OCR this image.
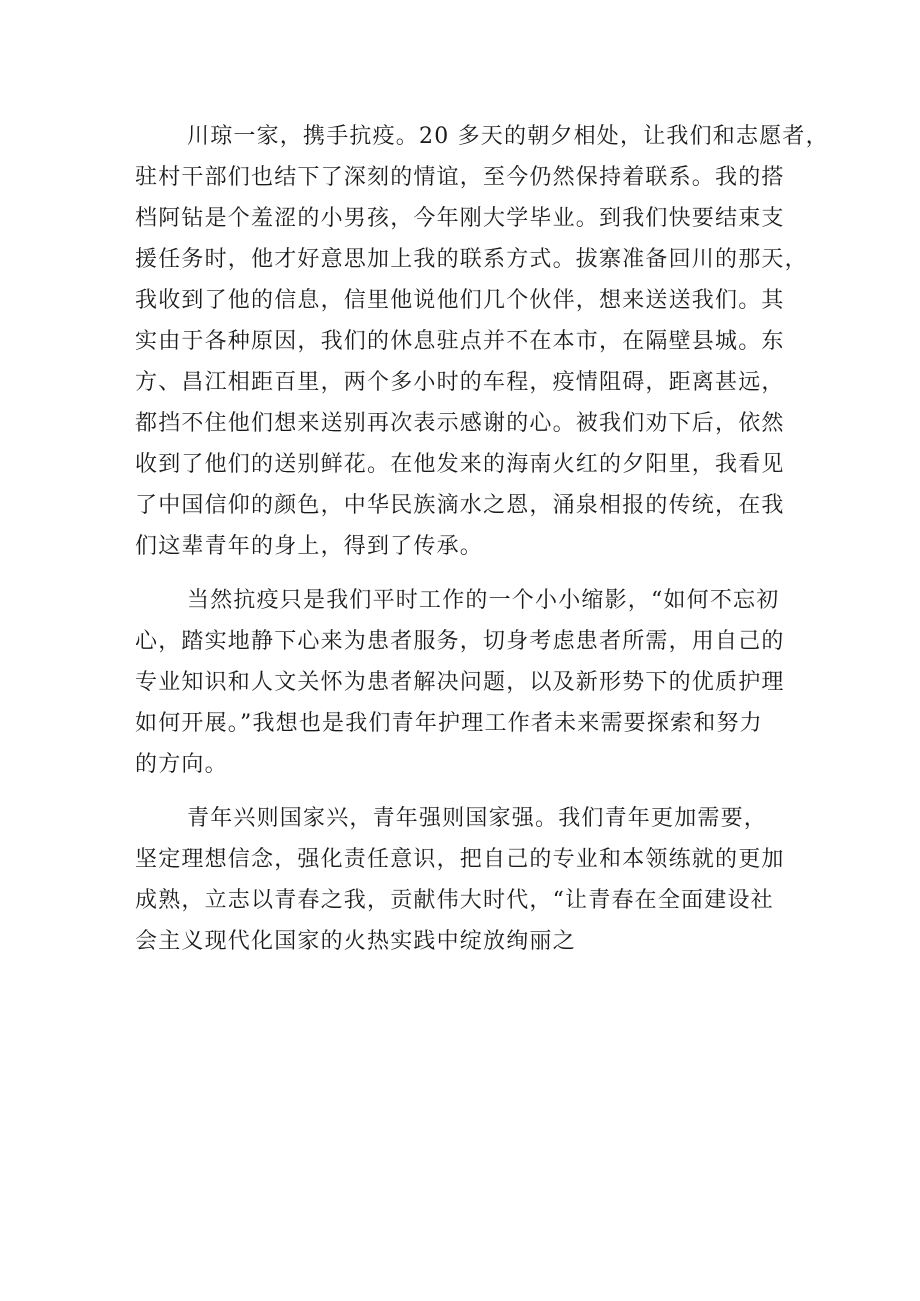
川琼一家，携手抗疫。20 多天的朝夕相处，让我们和志愿者，
驻村干部们也结下了深刻的情谊，至今仍然保持着联系。我的搭
档阿钻是个羞涩的小男孩，今年刚大学毕业。到我们快要结束支
援任务时，他才好意思加上我的联系方式。拔寨准备回川的那天，
我收到了他的信息，信里他说他们几个伙伴，想来送送我们。其
实由于各种原因，我们的休息驻点并不在本市，在隔壁县城。东
方、昌江相距百里，两个多小时的车程，疫情阻碍，距离甚远，
都挡不住他们想来送别再次表示感谢的心。被我们劝下后，依然
收到了他们的送别鲜花。在他发来的海南火红的夕阳里，我看见
了中国信仰的颜色，中华民族滴水之恩，涌泉相报的传统，在我
们这辈青年的身上，得到了传承。

当然抗疫只是我们平时工作的一个小小缩影，“如何不忘初
心，踏实地静下心来为患者服务，切身考虑患者所需，用自己的
专业知识和人文关怀为患者解决问题，以及新形势下的优质护理
如何开展。”我想也是我们青年护理工作者未来需要探索和努力
的方向。

青年兴则国家兴，青年强则国家强。我们青年更加需要，
坚定理想信念，强化责任意识，把自己的专业和本领练就的更加
成熟，立志以青春之我，贡献伟大时代，“让青春在全面建设社
会主义现代化国家的火热实践中绽放绚丽之
